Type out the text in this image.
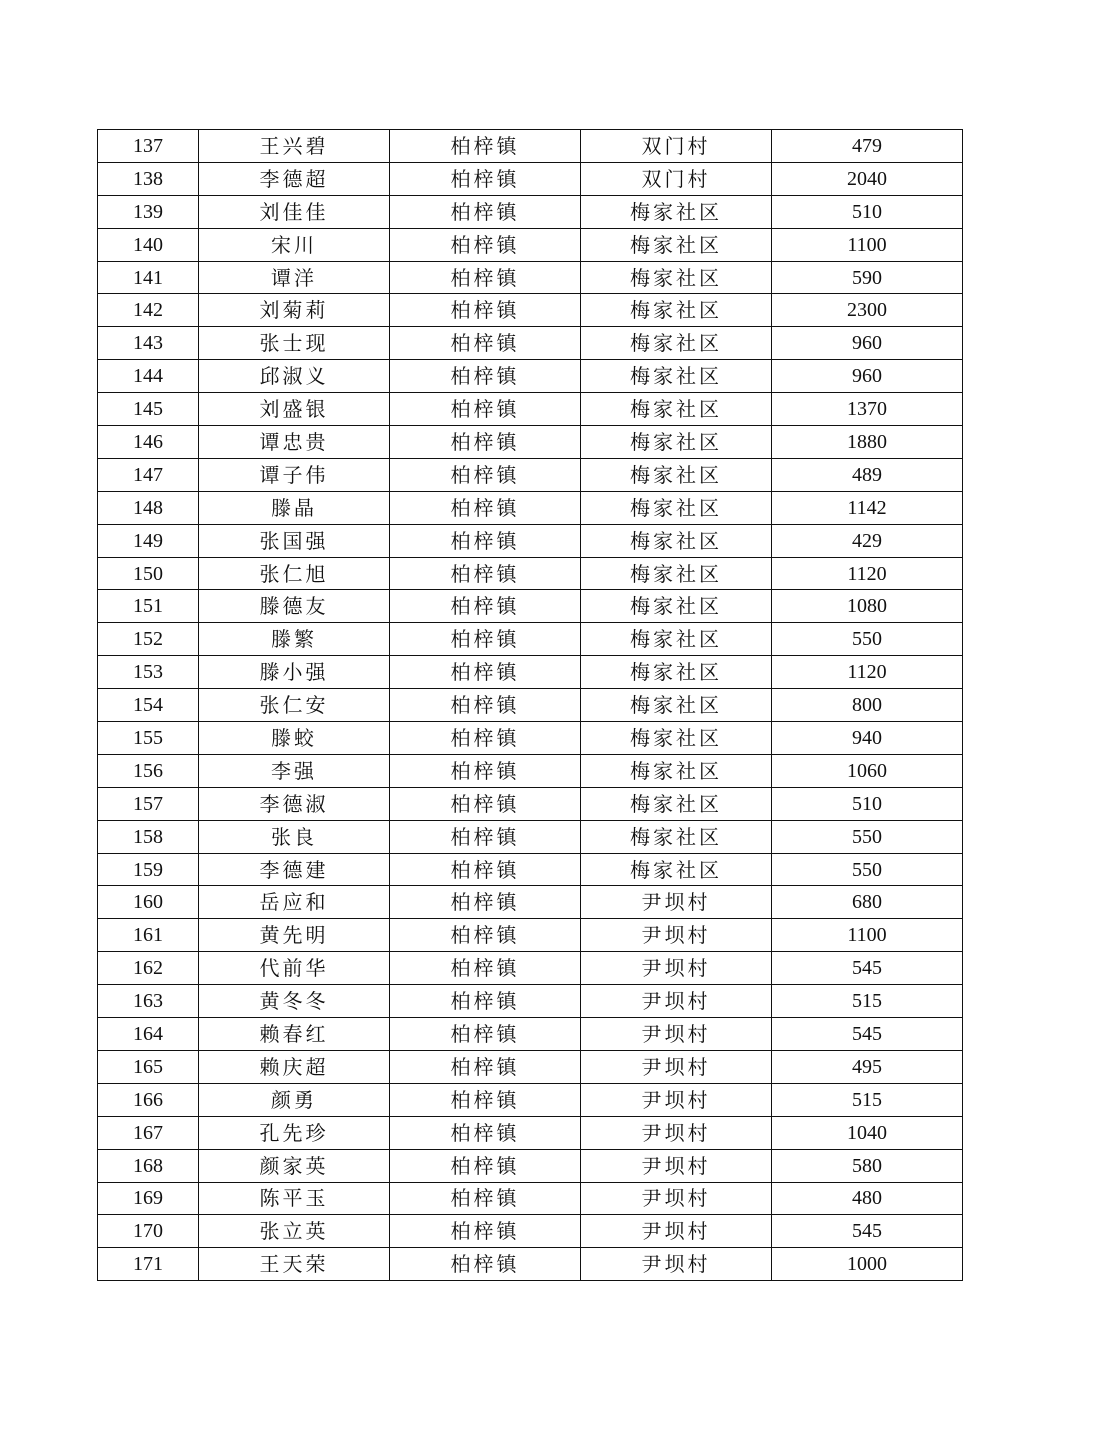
137	王兴碧	柏梓镇	双门村	479
138	李德超	柏梓镇	双门村	2040
139	刘佳佳	柏梓镇	梅家社区	510
140	宋川	柏梓镇	梅家社区	1100
141	谭洋	柏梓镇	梅家社区	590
142	刘菊莉	柏梓镇	梅家社区	2300
143	张士现	柏梓镇	梅家社区	960
144	邱淑义	柏梓镇	梅家社区	960
145	刘盛银	柏梓镇	梅家社区	1370
146	谭忠贵	柏梓镇	梅家社区	1880
147	谭子伟	柏梓镇	梅家社区	489
148	滕晶	柏梓镇	梅家社区	1142
149	张国强	柏梓镇	梅家社区	429
150	张仁旭	柏梓镇	梅家社区	1120
151	滕德友	柏梓镇	梅家社区	1080
152	滕繁	柏梓镇	梅家社区	550
153	滕小强	柏梓镇	梅家社区	1120
154	张仁安	柏梓镇	梅家社区	800
155	滕蛟	柏梓镇	梅家社区	940
156	李强	柏梓镇	梅家社区	1060
157	李德淑	柏梓镇	梅家社区	510
158	张良	柏梓镇	梅家社区	550
159	李德建	柏梓镇	梅家社区	550
160	岳应和	柏梓镇	尹坝村	680
161	黄先明	柏梓镇	尹坝村	1100
162	代前华	柏梓镇	尹坝村	545
163	黄冬冬	柏梓镇	尹坝村	515
164	赖春红	柏梓镇	尹坝村	545
165	赖庆超	柏梓镇	尹坝村	495
166	颜勇	柏梓镇	尹坝村	515
167	孔先珍	柏梓镇	尹坝村	1040
168	颜家英	柏梓镇	尹坝村	580
169	陈平玉	柏梓镇	尹坝村	480
170	张立英	柏梓镇	尹坝村	545
171	王天荣	柏梓镇	尹坝村	1000
